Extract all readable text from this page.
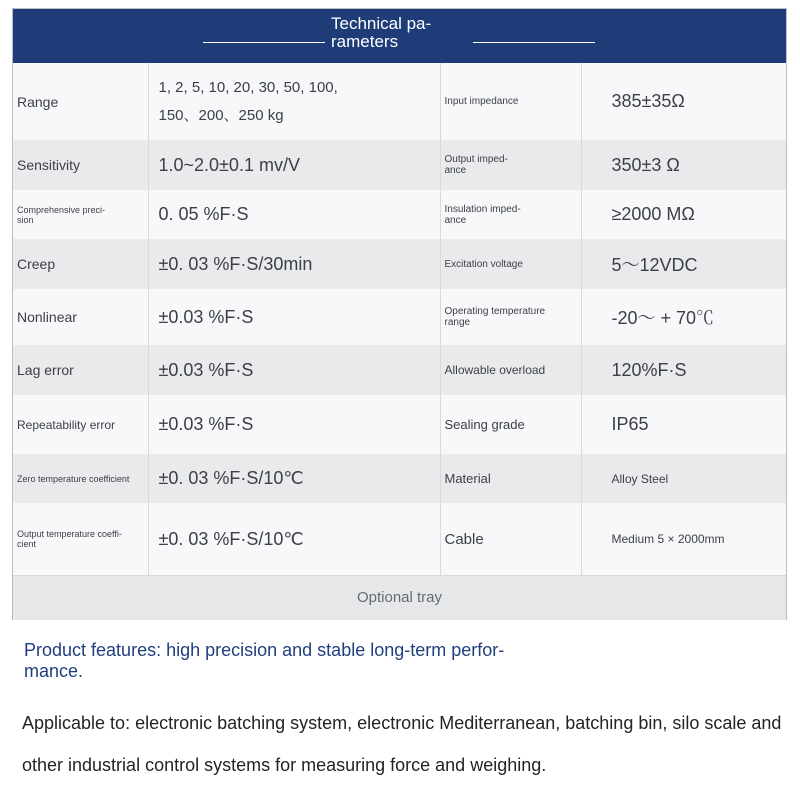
Technical pa-
rameters
Range	1, 2, 5, 10, 20, 30, 50, 100,
150、200、250 kg	Input impedance	385±35Ω
Sensitivity	1.0~2.0±0.1 mv/V	Output imped-
ance	350±3 Ω
Comprehensive preci-
sion	0. 05 %F·S	Insulation imped-
ance	≥2000 MΩ
Creep	±0. 03 %F·S/30min	Excitation voltage	5～12VDC
Nonlinear	±0.03 %F·S	Operating temperature
range	-20～ + 70℃
Lag error	±0.03 %F·S	Allowable overload	120%F·S
Repeatability error	±0.03 %F·S	Sealing grade	IP65
Zero temperature coefficient	±0. 03 %F·S/10℃	Material	Alloy Steel
Output temperature coeffi-
cient	±0. 03 %F·S/10℃	Cable	Medium 5 × 2000mm
Optional tray
Product features: high precision and stable long-term perfor-
mance.
Applicable to: electronic batching system, electronic Mediterranean, batching bin, silo scale and other industrial control systems for measuring force and weighing.
